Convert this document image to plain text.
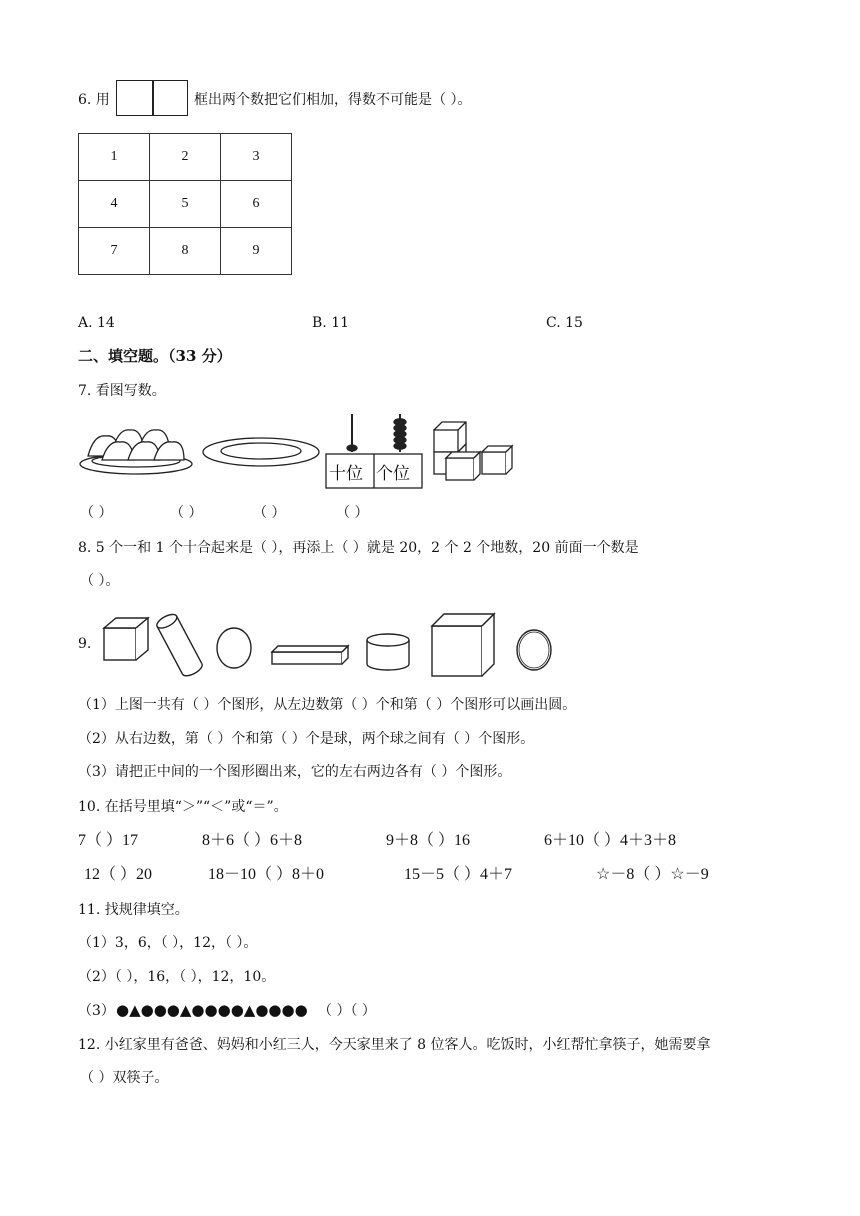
6. 用	框出两个数把它们相加，得数不可能是（ ）。
1	2	3
4	5	6
7	8	9
A. 14	B. 11	C. 15
二、填空题。（33 分）
7. 看图写数。
十位 个位
（ ）	（ ）	（ ）	（ ）
8. 5 个一和 1 个十合起来是（ ），再添上（ ）就是 20，2 个 2 个地数，20 前面一个数是
（ ）。
9.
（1）上图一共有（ ）个图形，从左边数第（ ）个和第（ ）个图形可以画出圆。
（2）从右边数，第（ ）个和第（ ）个是球，两个球之间有（ ）个图形。
（3）请把正中间的一个图形圈出来，它的左右两边各有（ ）个图形。
10. 在括号里填“＞”“＜”或“＝”。
7（ ）17	8＋6（ ）6＋8	9＋8（ ）16	6＋10（ ）4＋3＋8
12（ ）20	18－10（ ）8＋0	15－5（ ）4＋7	☆－8（ ）☆－9
11. 找规律填空。
（1）3，6，（ ），12，（ ）。
（2）（ ），16，（ ），12，10。
（3） ●▲●●●▲●●●●▲●●●● （ ）（ ）
12. 小红家里有爸爸、妈妈和小红三人，今天家里来了 8 位客人。吃饭时，小红帮忙拿筷子，她需要拿
（ ）双筷子。
